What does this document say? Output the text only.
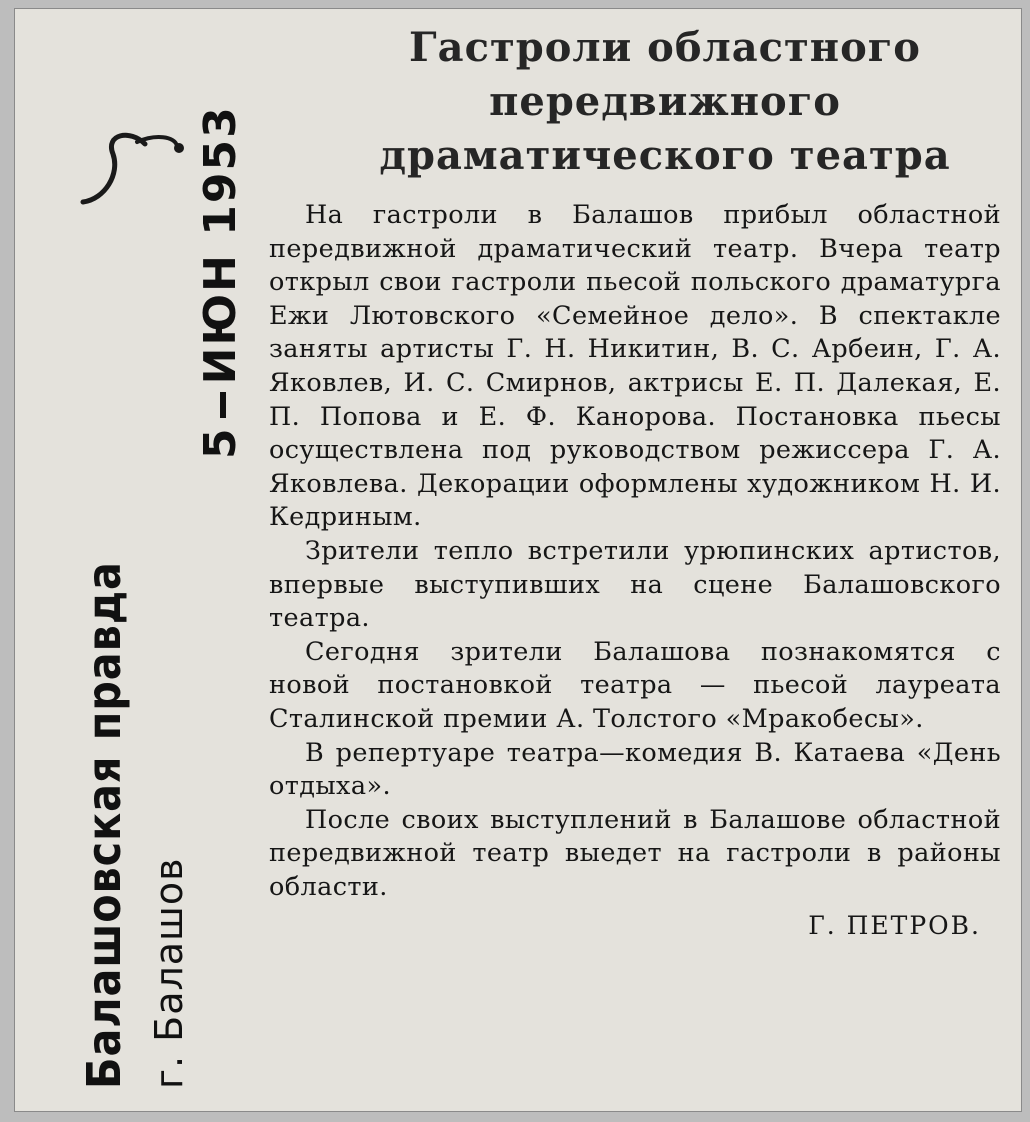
Балашовская правда г. Балашов
5ИЮН 1953
Гастроли областного
передвижного
драматического театра

На гастроли в Балашов прибыл областной передвижной драматический театр. Вчера театр открыл свои гастроли пьесой польского драматурга Ежи Лютовского «Семейное дело». В спектакле заняты артисты Г. Н. Никитин, В. С. Арбеин, Г. А. Яковлев, И. С. Смирнов, актрисы Е. П. Далекая, Е. П. Попова и Е. Ф. Канорова. Постановка пьесы осуществлена под руководством режиссера Г. А. Яковлева. Декорации оформлены художником Н. И. Кедриным.

Зрители тепло встретили урюпинских артистов, впервые выступивших на сцене Балашовского театра.

Сегодня зрители Балашова познакомятся с новой постановкой театра — пьесой лауреата Сталинской премии А. Толстого «Мракобесы».

В репертуаре театра—комедия В. Катаева «День отдыха».

После своих выступлений в Балашове областной передвижной театр выедет на гастроли в районы области.

Г. ПЕТРОВ.
